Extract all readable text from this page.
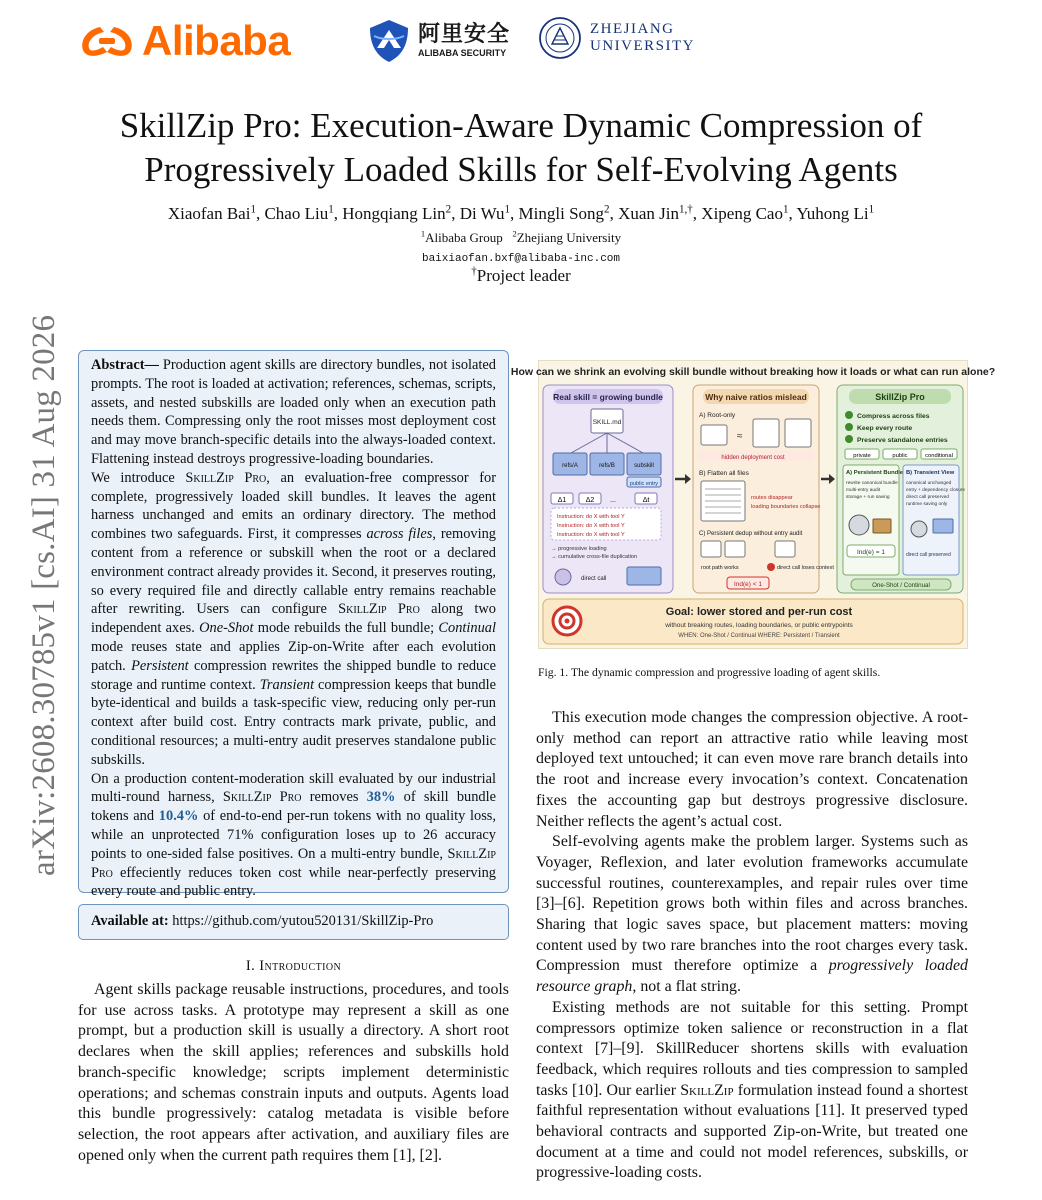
Alibaba	阿里安全
ALIBABA SECURITY
ZHEJIANG
UNIVERSITY
SkillZip Pro: Execution-Aware Dynamic Compression of
Progressively Loaded Skills for Self-Evolving Agents
Xiaofan Bai$^1$, Chao Liu$^1$, Hongqiang Lin$^2$, Di Wu$^1$, Mingli Song$^2$, Xuan Jin$^{1,\dagger}$, Xipeng Cao$^1$, Yuhong Li$^1$
$^1$Alibaba Group $^2$Zhejiang University
baixiaofan.bxf@alibaba-inc.com
†Project leader
arXiv:2608.30785v1 [cs.AI] 31 Aug 2026 Abstract— Production agent skills are directory bundles, not isolated prompts. The root is loaded at activation; references, schemas, scripts, assets, and nested subskills are loaded only when an execution path needs them. Compressing only the root misses most deployment cost and may move branch-specific details into the always-loaded context. Flattening instead destroys progressive-loading boundaries.

We introduce SkillZip Pro, an evaluation-free compressor for complete, progressively loaded skill bundles. It leaves the agent harness unchanged and emits an ordinary directory. The method combines two safeguards. First, it compresses across files, removing content from a reference or subskill when the root or a declared environment contract already provides it. Second, it preserves routing, so every required file and directly callable entry remains reachable after rewriting. Users can configure SkillZip Pro along two independent axes. One-Shot mode rebuilds the full bundle; Continual mode reuses state and applies Zip-on-Write after each evolution patch. Persistent compression rewrites the shipped bundle to reduce storage and runtime context. Transient compression keeps that bundle byte-identical and builds a task-specific view, reducing only per-run context after build cost. Entry contracts mark private, public, and conditional resources; a multi-entry audit preserves standalone public subskills.

On a production content-moderation skill evaluated by our industrial multi-round harness, SkillZip Pro removes 38% of skill bundle tokens and 10.4% of end-to-end per-run tokens with no quality loss, while an unprotected 71% configuration loses up to 26 accuracy points to one-sided false positives. On a multi-entry bundle, SkillZip Pro effeciently reduces token cost while near-perfectly preserving every route and public entry.

Available at: https://github.com/yutou520131/SkillZip-Pro
I. Introduction

Agent skills package reusable instructions, procedures, and tools for use across tasks. A prototype may represent a skill as one prompt, but a production skill is usually a directory. A short root declares when the skill applies; references and subskills hold branch-specific knowledge; scripts implement deterministic operations; and schemas constrain inputs and outputs. Agents load this bundle progressively: catalog metadata is visible before selection, the root appears after activation, and auxiliary files are opened only when the current path requires them [1], [2].

How can we shrink an evolving skill bundle without breaking how it loads or what can run alone?
Real skill = growing bundle
SKILL.md
refs/A	refs/B	subskill
public entry
Δ1	Δ2 ...	Δt
Instruction: do X with tool Y
Instruction: do X with tool Y
Instruction: do X with tool Y
→ progressive loading
→ cumulative cross-file duplication
direct call
Why naive ratios mislead
A) Root-only
≈
hidden deployment cost
B) Flatten all files
routes disappear
loading boundaries collapse
C) Persistent dedup without entry audit
root path works	direct call loses context
Ind(e) < 1
SkillZip Pro
Compress across files
Keep every route
Preserve standalone entries
private	public	conditional
A) Persistent Bundle
rewrite canonical bundle
multi-entry audit
storage + run saving
Ind(e) = 1
B) Transient View
canonical unchanged
entry + dependency closure
direct call preserved
runtime saving only
direct call preserved
One-Shot / Continual
Goal: lower stored and per-run cost
without breaking routes, loading boundaries, or public entrypoints
WHEN: One-Shot / Continual WHERE: Persistent / Transient
Fig. 1. The dynamic compression and progressive loading of agent skills.

This execution mode changes the compression objective. A root-only method can report an attractive ratio while leaving most deployed text untouched; it can even move rare branch details into the root and increase every invocation’s context. Concatenation fixes the accounting gap but destroys progressive disclosure. Neither reflects the agent’s actual cost.

Self-evolving agents make the problem larger. Systems such as Voyager, Reflexion, and later evolution frameworks accumulate successful routines, counterexamples, and repair rules over time [3]–[6]. Repetition grows both within files and across branches. Sharing that logic saves space, but placement matters: moving content used by two rare branches into the root charges every task. Compression must therefore optimize a progressively loaded resource graph, not a flat string.

Existing methods are not suitable for this setting. Prompt compressors optimize token salience or reconstruction in a flat context [7]–[9]. SkillReducer shortens skills with evaluation feedback, which requires rollouts and ties compression to sampled tasks [10]. Our earlier SkillZip formulation instead found a shortest faithful representation without evaluations [11]. It preserved typed behavioral contracts and supported Zip-on-Write, but treated one document at a time and could not model references, subskills, or progressive-loading costs.
